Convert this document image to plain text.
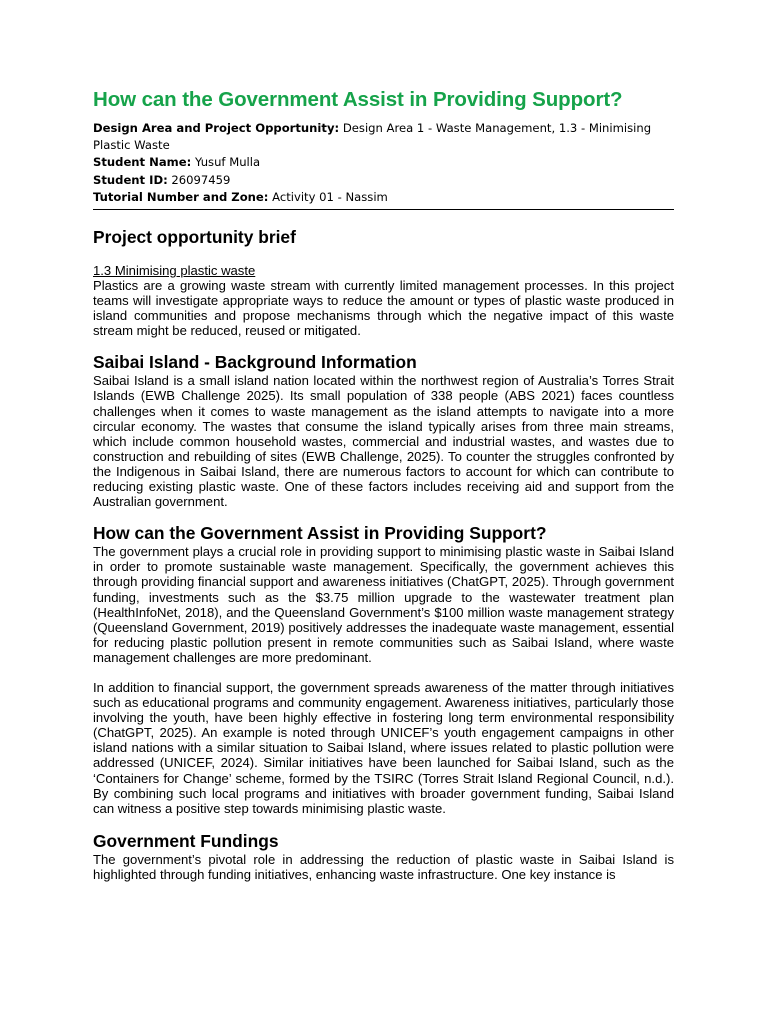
How can the Government Assist in Providing Support?

Design Area and Project Opportunity: Design Area 1 - Waste Management, 1.3 - Minimising Plastic Waste

Student Name: Yusuf Mulla

Student ID: 26097459

Tutorial Number and Zone: Activity 01 - Nassim

Project opportunity brief

1.3 Minimising plastic waste

Plastics are a growing waste stream with currently limited management processes. In this project teams will investigate appropriate ways to reduce the amount or types of plastic waste produced in island communities and propose mechanisms through which the negative impact of this waste stream might be reduced, reused or mitigated.

Saibai Island - Background Information

Saibai Island is a small island nation located within the northwest region of Australia’s Torres Strait Islands (EWB Challenge 2025). Its small population of 338 people (ABS 2021) faces countless challenges when it comes to waste management as the island attempts to navigate into a more circular economy. The wastes that consume the island typically arises from three main streams, which include common household wastes, commercial and industrial wastes, and wastes due to construction and rebuilding of sites (EWB Challenge, 2025). To counter the struggles confronted by the Indigenous in Saibai Island, there are numerous factors to account for which can contribute to reducing existing plastic waste. One of these factors includes receiving aid and support from the Australian government.

How can the Government Assist in Providing Support?

The government plays a crucial role in providing support to minimising plastic waste in Saibai Island in order to promote sustainable waste management. Specifically, the government achieves this through providing financial support and awareness initiatives (ChatGPT, 2025). Through government funding, investments such as the $3.75 million upgrade to the wastewater treatment plan (HealthInfoNet, 2018), and the Queensland Government’s $100 million waste management strategy (Queensland Government, 2019) positively addresses the inadequate waste management, essential for reducing plastic pollution present in remote communities such as Saibai Island, where waste management challenges are more predominant.

In addition to financial support, the government spreads awareness of the matter through initiatives such as educational programs and community engagement. Awareness initiatives, particularly those involving the youth, have been highly effective in fostering long term environmental responsibility (ChatGPT, 2025). An example is noted through UNICEF’s youth engagement campaigns in other island nations with a similar situation to Saibai Island, where issues related to plastic pollution were addressed (UNICEF, 2024). Similar initiatives have been launched for Saibai Island, such as the ‘Containers for Change’ scheme, formed by the TSIRC (Torres Strait Island Regional Council, n.d.). By combining such local programs and initiatives with broader government funding, Saibai Island can witness a positive step towards minimising plastic waste.

Government Fundings

The government’s pivotal role in addressing the reduction of plastic waste in Saibai Island is highlighted through funding initiatives, enhancing waste infrastructure. One key instance is
